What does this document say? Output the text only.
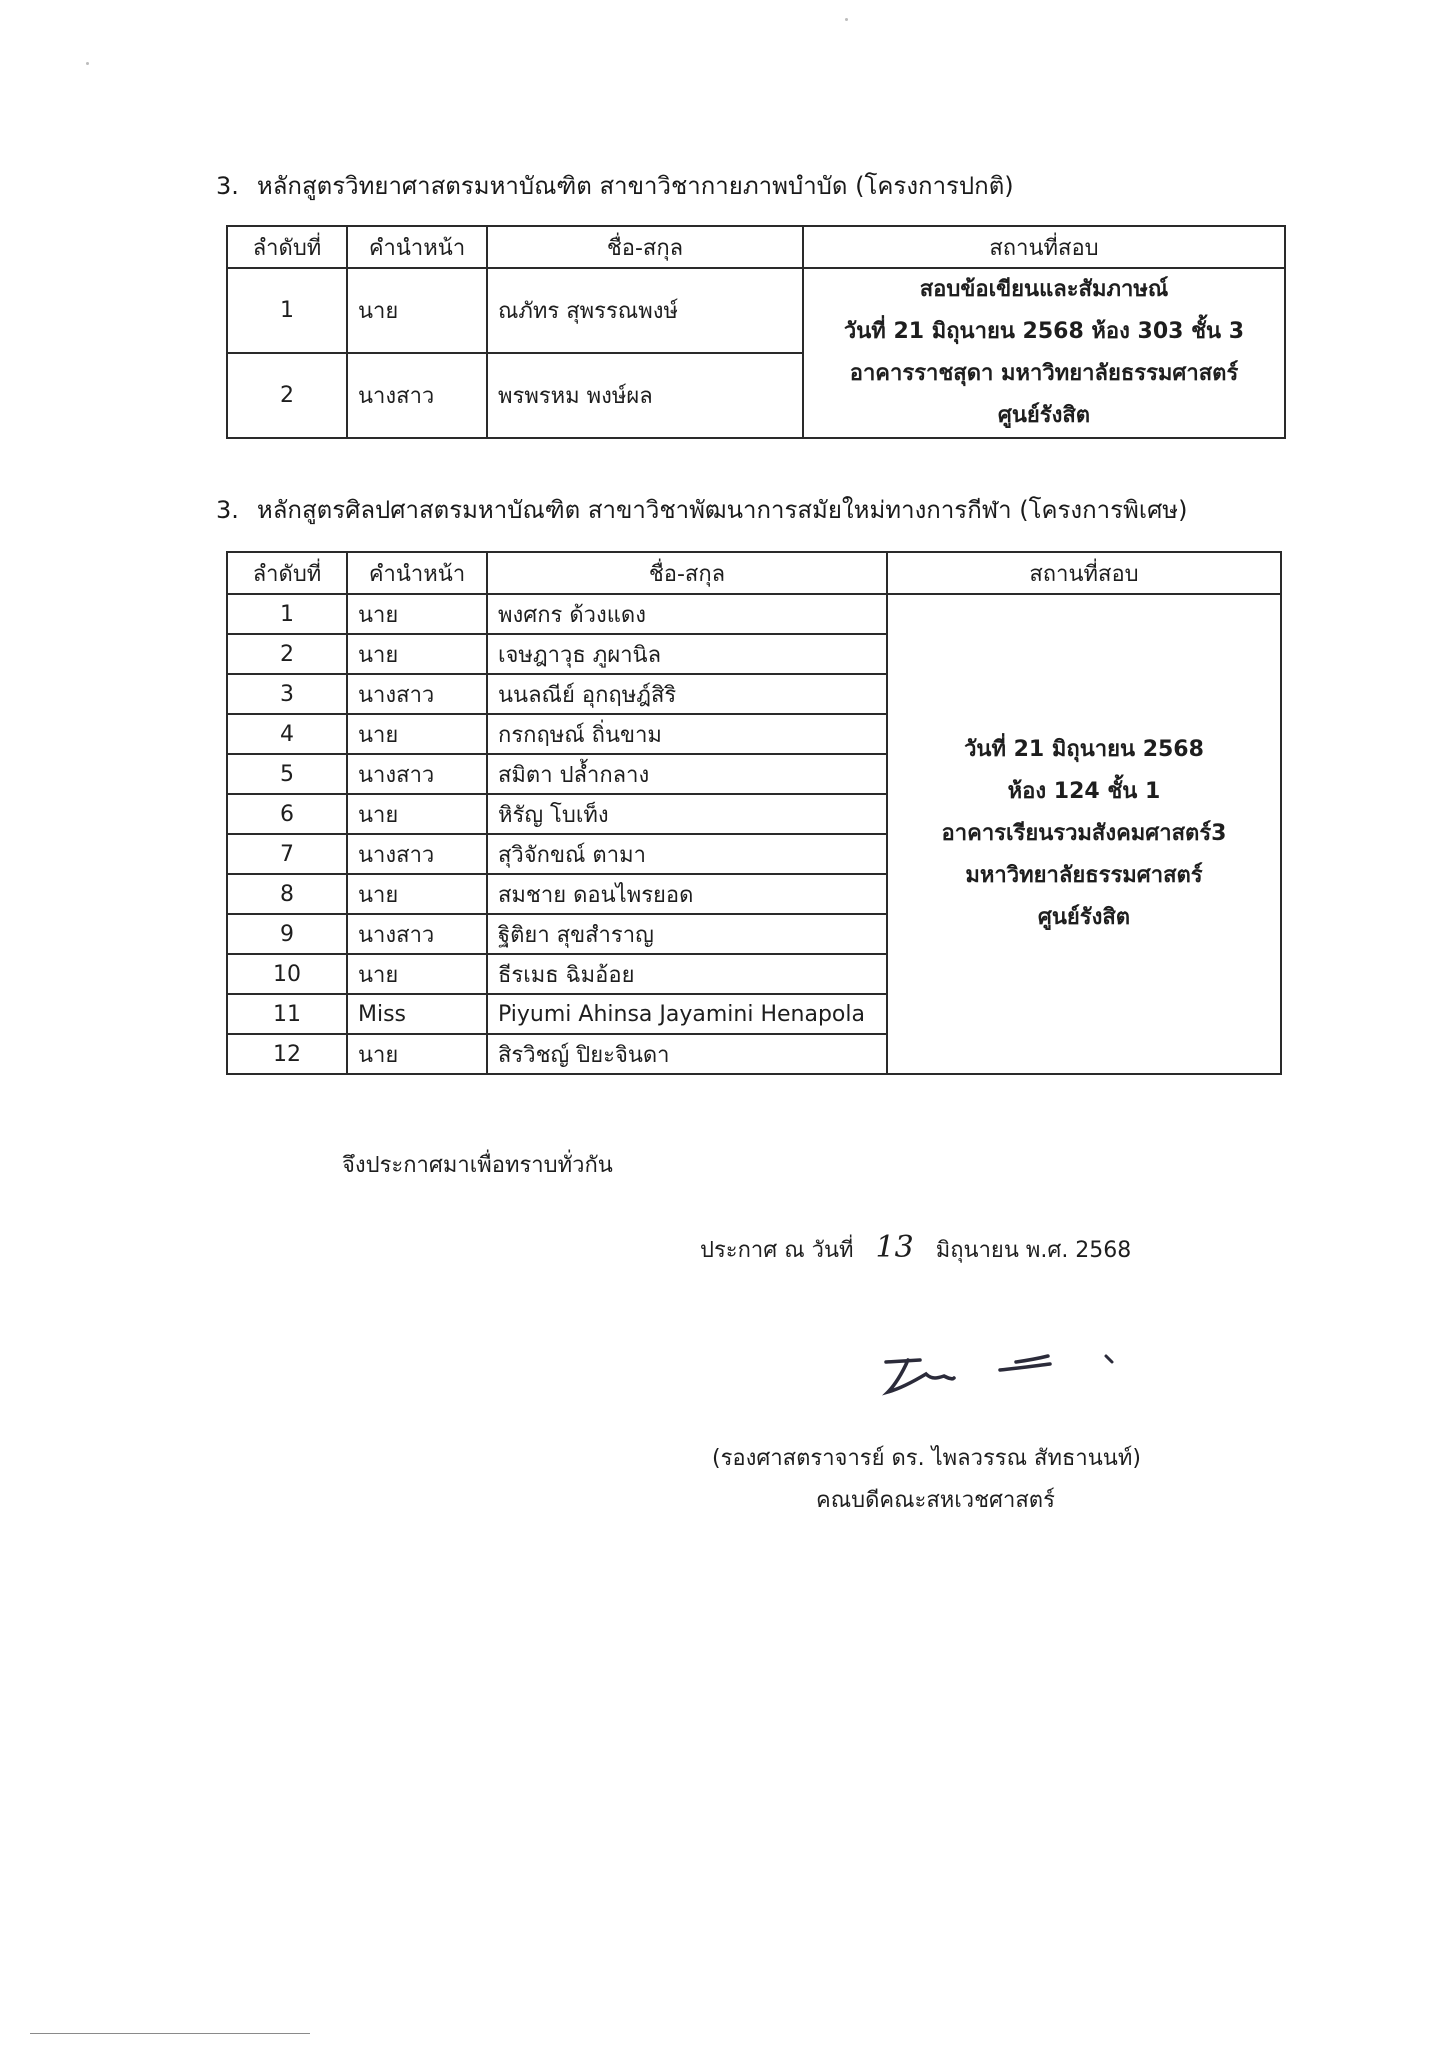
3. หลักสูตรวิทยาศาสตรมหาบัณฑิต สาขาวิชากายภาพบำบัด (โครงการปกติ)
ลำดับที่	คำนำหน้า	ชื่อ-สกุล	สถานที่สอบ
1	นาย	ณภัทร สุพรรณพงษ์	สอบข้อเขียนและสัมภาษณ์
วันที่ 21 มิถุนายน 2568 ห้อง 303 ชั้น 3
อาคารราชสุดา มหาวิทยาลัยธรรมศาสตร์
ศูนย์รังสิต

2	นางสาว	พรพรหม พงษ์ผล	
3. หลักสูตรศิลปศาสตรมหาบัณฑิต สาขาวิชาพัฒนาการสมัยใหม่ทางการกีฬา (โครงการพิเศษ)
ลำดับที่	คำนำหน้า	ชื่อ-สกุล	สถานที่สอบ
1	นาย	พงศกร ด้วงแดง	วันที่ 21 มิถุนายน 2568
ห้อง 124 ชั้น 1
อาคารเรียนรวมสังคมศาสตร์3
มหาวิทยาลัยธรรมศาสตร์
ศูนย์รังสิต

2	นาย	เจษฎาวุธ ภูผานิล	
3	นางสาว	นนลณีย์ อุกฤษฎ์สิริ	
4	นาย	กรกฤษณ์ ถิ่นขาม	
5	นางสาว	สมิตา ปล้ำกลาง	
6	นาย	หิรัญ โบเท็ง	
7	นางสาว	สุวิจักขณ์ ตามา	
8	นาย	สมชาย ดอนไพรยอด	
9	นางสาว	ฐิติยา สุขสำราญ	
10	นาย	ธีรเมธ ฉิมอ้อย	
11	Miss	Piyumi Ahinsa Jayamini Henapola	
12	นาย	สิรวิชญ์ ปิยะจินดา	
จึงประกาศมาเพื่อทราบทั่วกัน
ประกาศ ณ วันที่ 13 มิถุนายน พ.ศ. 2568
(รองศาสตราจารย์ ดร. ไพลวรรณ สัทธานนท์)
คณบดีคณะสหเวชศาสตร์
